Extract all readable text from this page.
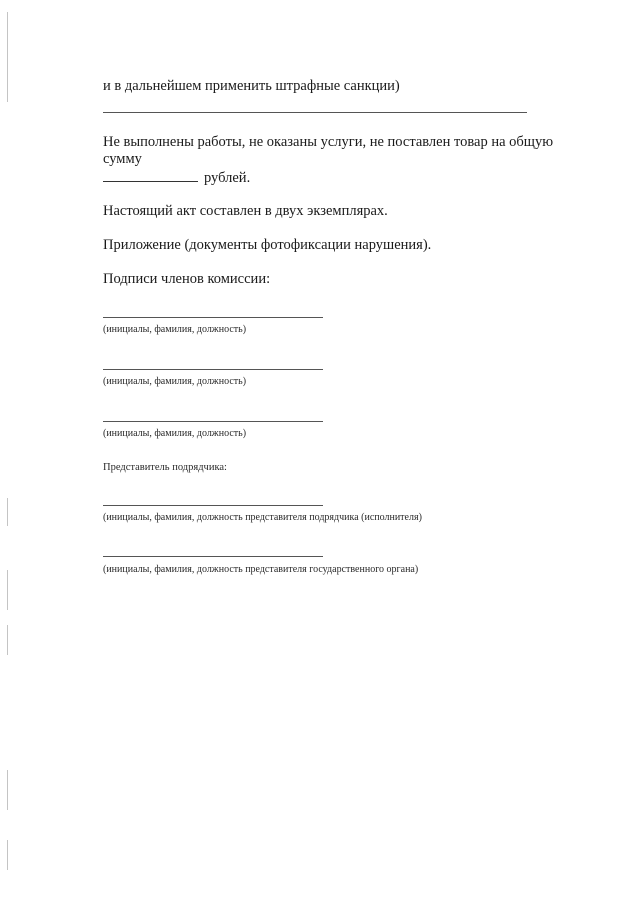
и в дальнейшем применить штрафные санкции)
Не выполнены работы, не оказаны услуги, не поставлен товар на общую
сумму
рублей.
Настоящий акт составлен в двух экземплярах.
Приложение (документы фотофиксации нарушения).
Подписи членов комиссии:
(инициалы, фамилия, должность)
(инициалы, фамилия, должность)
(инициалы, фамилия, должность)
Представитель подрядчика:
(инициалы, фамилия, должность представителя подрядчика (исполнителя)
(инициалы, фамилия, должность представителя государственного органа)
